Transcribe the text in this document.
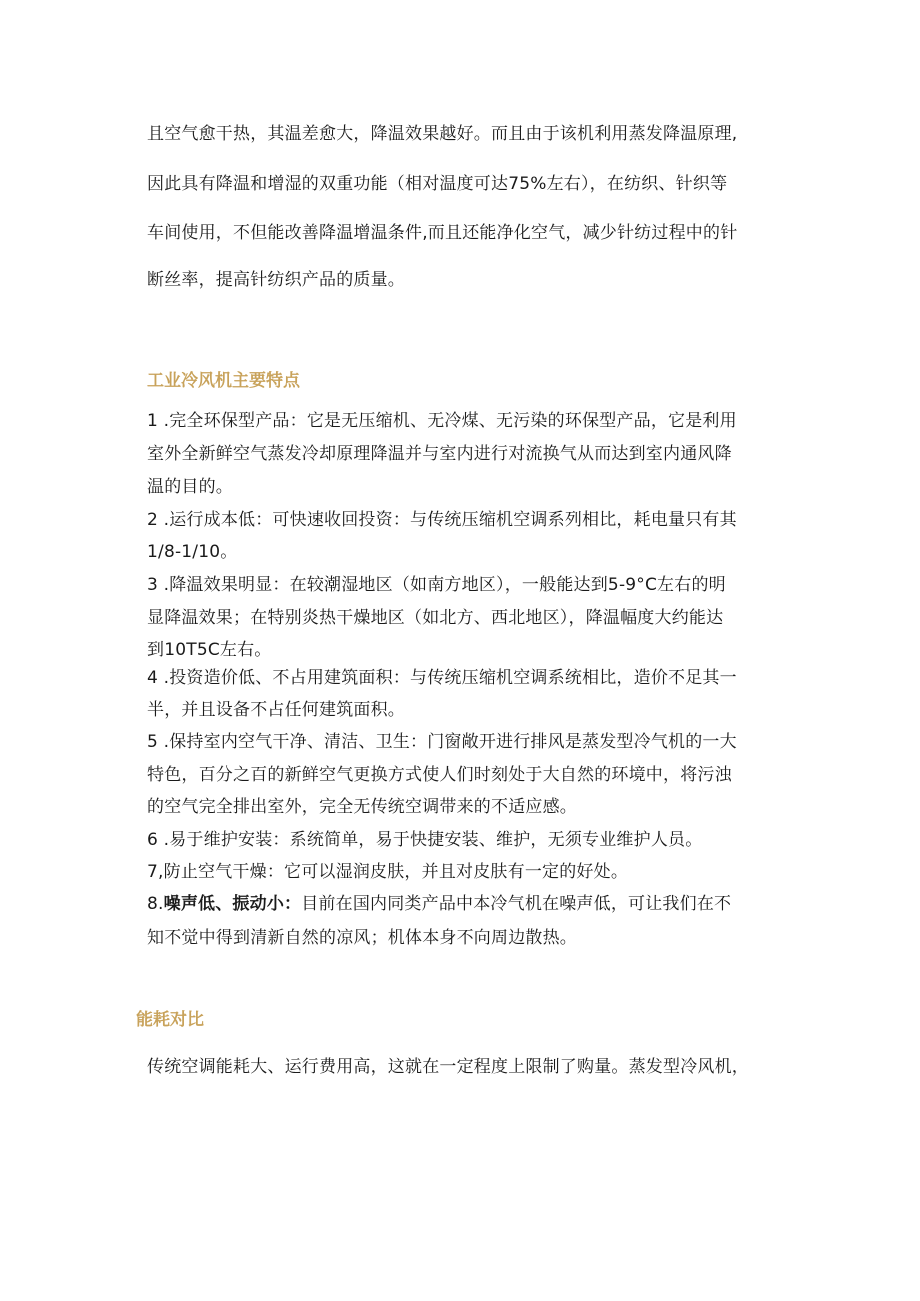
且空气愈干热，其温差愈大，降温效果越好。而且由于该机利用蒸发降温原理,
因此具有降温和增湿的双重功能（相对温度可达75%左右），在纺织、针织等
车间使用，不但能改善降温增温条件,而且还能净化空气，减少针纺过程中的针
断丝率，提高针纺织产品的质量。
工业冷风机主要特点
1 .完全环保型产品：它是无压缩机、无冷煤、无污染的环保型产品，它是利用
室外全新鲜空气蒸发冷却原理降温并与室内进行对流换气从而达到室内通风降
温的目的。
2 .运行成本低：可快速收回投资：与传统压缩机空调系列相比，耗电量只有其
1/8-1/10。
3 .降温效果明显：在较潮湿地区（如南方地区），一般能达到5-9°C左右的明
显降温效果；在特别炎热干燥地区（如北方、西北地区），降温幅度大约能达
到10T5C左右。
4 .投资造价低、不占用建筑面积：与传统压缩机空调系统相比，造价不足其一
半，并且设备不占任何建筑面积。
5 .保持室内空气干净、清洁、卫生：门窗敞开进行排风是蒸发型冷气机的一大
特色，百分之百的新鲜空气更换方式使人们时刻处于大自然的环境中，将污浊
的空气完全排出室外，完全无传统空调带来的不适应感。
6 .易于维护安装：系统简单，易于快捷安装、维护，无须专业维护人员。
7,防止空气干燥：它可以湿润皮肤，并且对皮肤有一定的好处。
8.噪声低、振动小：目前在国内同类产品中本冷气机在噪声低，可让我们在不
知不觉中得到清新自然的凉风；机体本身不向周边散热。
能耗对比
传统空调能耗大、运行费用高，这就在一定程度上限制了购量。蒸发型冷风机，
